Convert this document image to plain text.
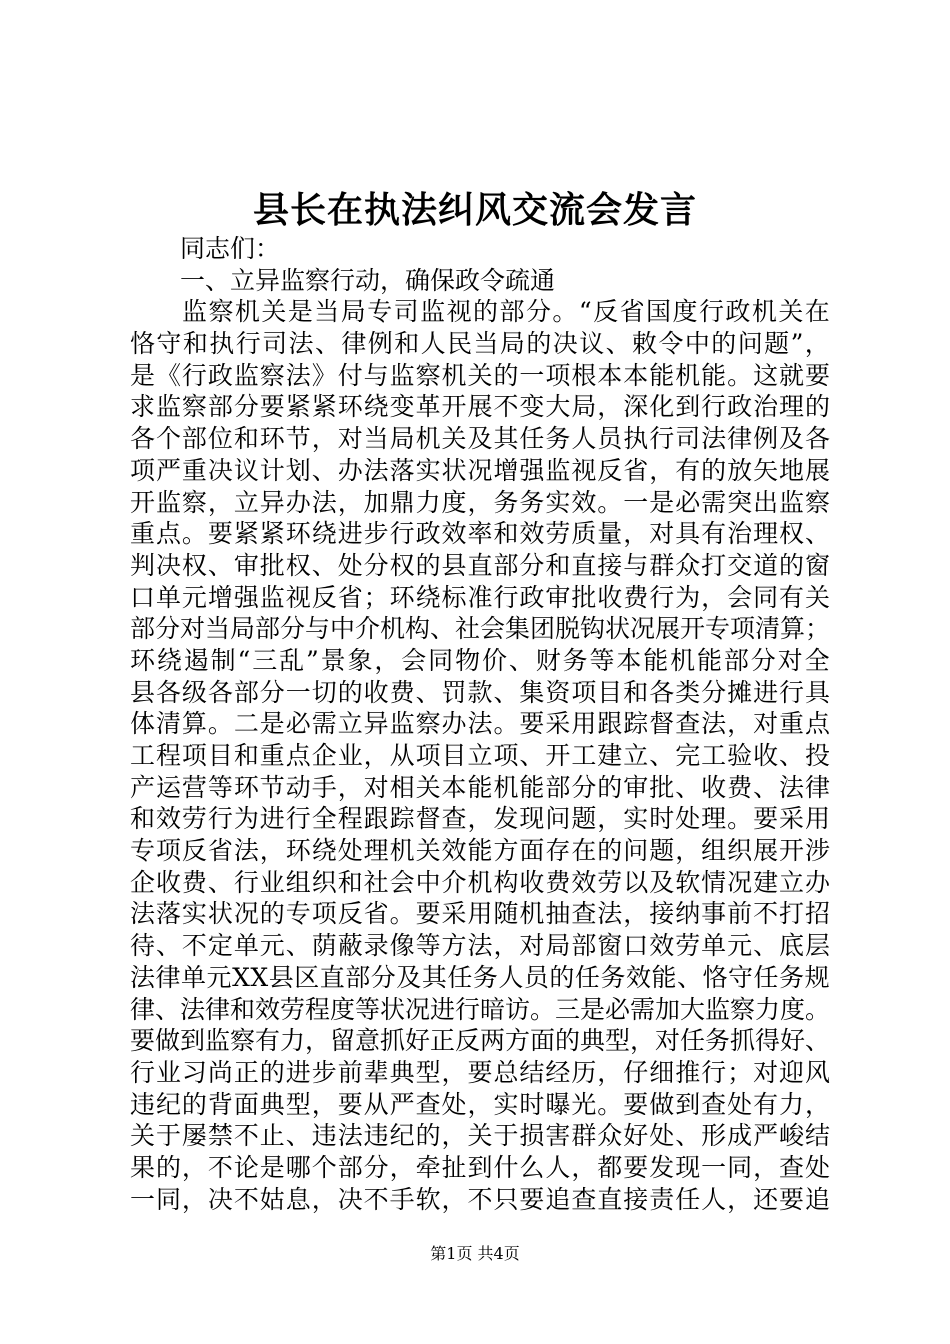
县长在执法纠风交流会发言
同志们：
一、立异监察行动，确保政令疏通
监察机关是当局专司监视的部分。“反省国度行政机关在
恪守和执行司法、律例和人民当局的决议、敕令中的问题”，
是《行政监察法》付与监察机关的一项根本本能机能。这就要
求监察部分要紧紧环绕变革开展不变大局，深化到行政治理的
各个部位和环节，对当局机关及其任务人员执行司法律例及各
项严重决议计划、办法落实状况增强监视反省，有的放矢地展
开监察，立异办法，加鼎力度，务务实效。一是必需突出监察
重点。要紧紧环绕进步行政效率和效劳质量，对具有治理权、
判决权、审批权、处分权的县直部分和直接与群众打交道的窗
口单元增强监视反省；环绕标准行政审批收费行为，会同有关
部分对当局部分与中介机构、社会集团脱钩状况展开专项清算；
环绕遏制“三乱”景象，会同物价、财务等本能机能部分对全
县各级各部分一切的收费、罚款、集资项目和各类分摊进行具
体清算。二是必需立异监察办法。要采用跟踪督查法，对重点
工程项目和重点企业，从项目立项、开工建立、完工验收、投
产运营等环节动手，对相关本能机能部分的审批、收费、法律
和效劳行为进行全程跟踪督查，发现问题，实时处理。要采用
专项反省法，环绕处理机关效能方面存在的问题，组织展开涉
企收费、行业组织和社会中介机构收费效劳以及软情况建立办
法落实状况的专项反省。要采用随机抽查法，接纳事前不打招
待、不定单元、荫蔽录像等方法，对局部窗口效劳单元、底层
法律单元XX县区直部分及其任务人员的任务效能、恪守任务规
律、法律和效劳程度等状况进行暗访。三是必需加大监察力度。
要做到监察有力，留意抓好正反两方面的典型，对任务抓得好、
行业习尚正的进步前辈典型，要总结经历，仔细推行；对迎风
违纪的背面典型，要从严查处，实时曝光。要做到查处有力，
关于屡禁不止、违法违纪的，关于损害群众好处、形成严峻结
果的，不论是哪个部分，牵扯到什么人，都要发现一同，查处
一同，决不姑息，决不手软，不只要追查直接责任人，还要追
第1页 共4页
